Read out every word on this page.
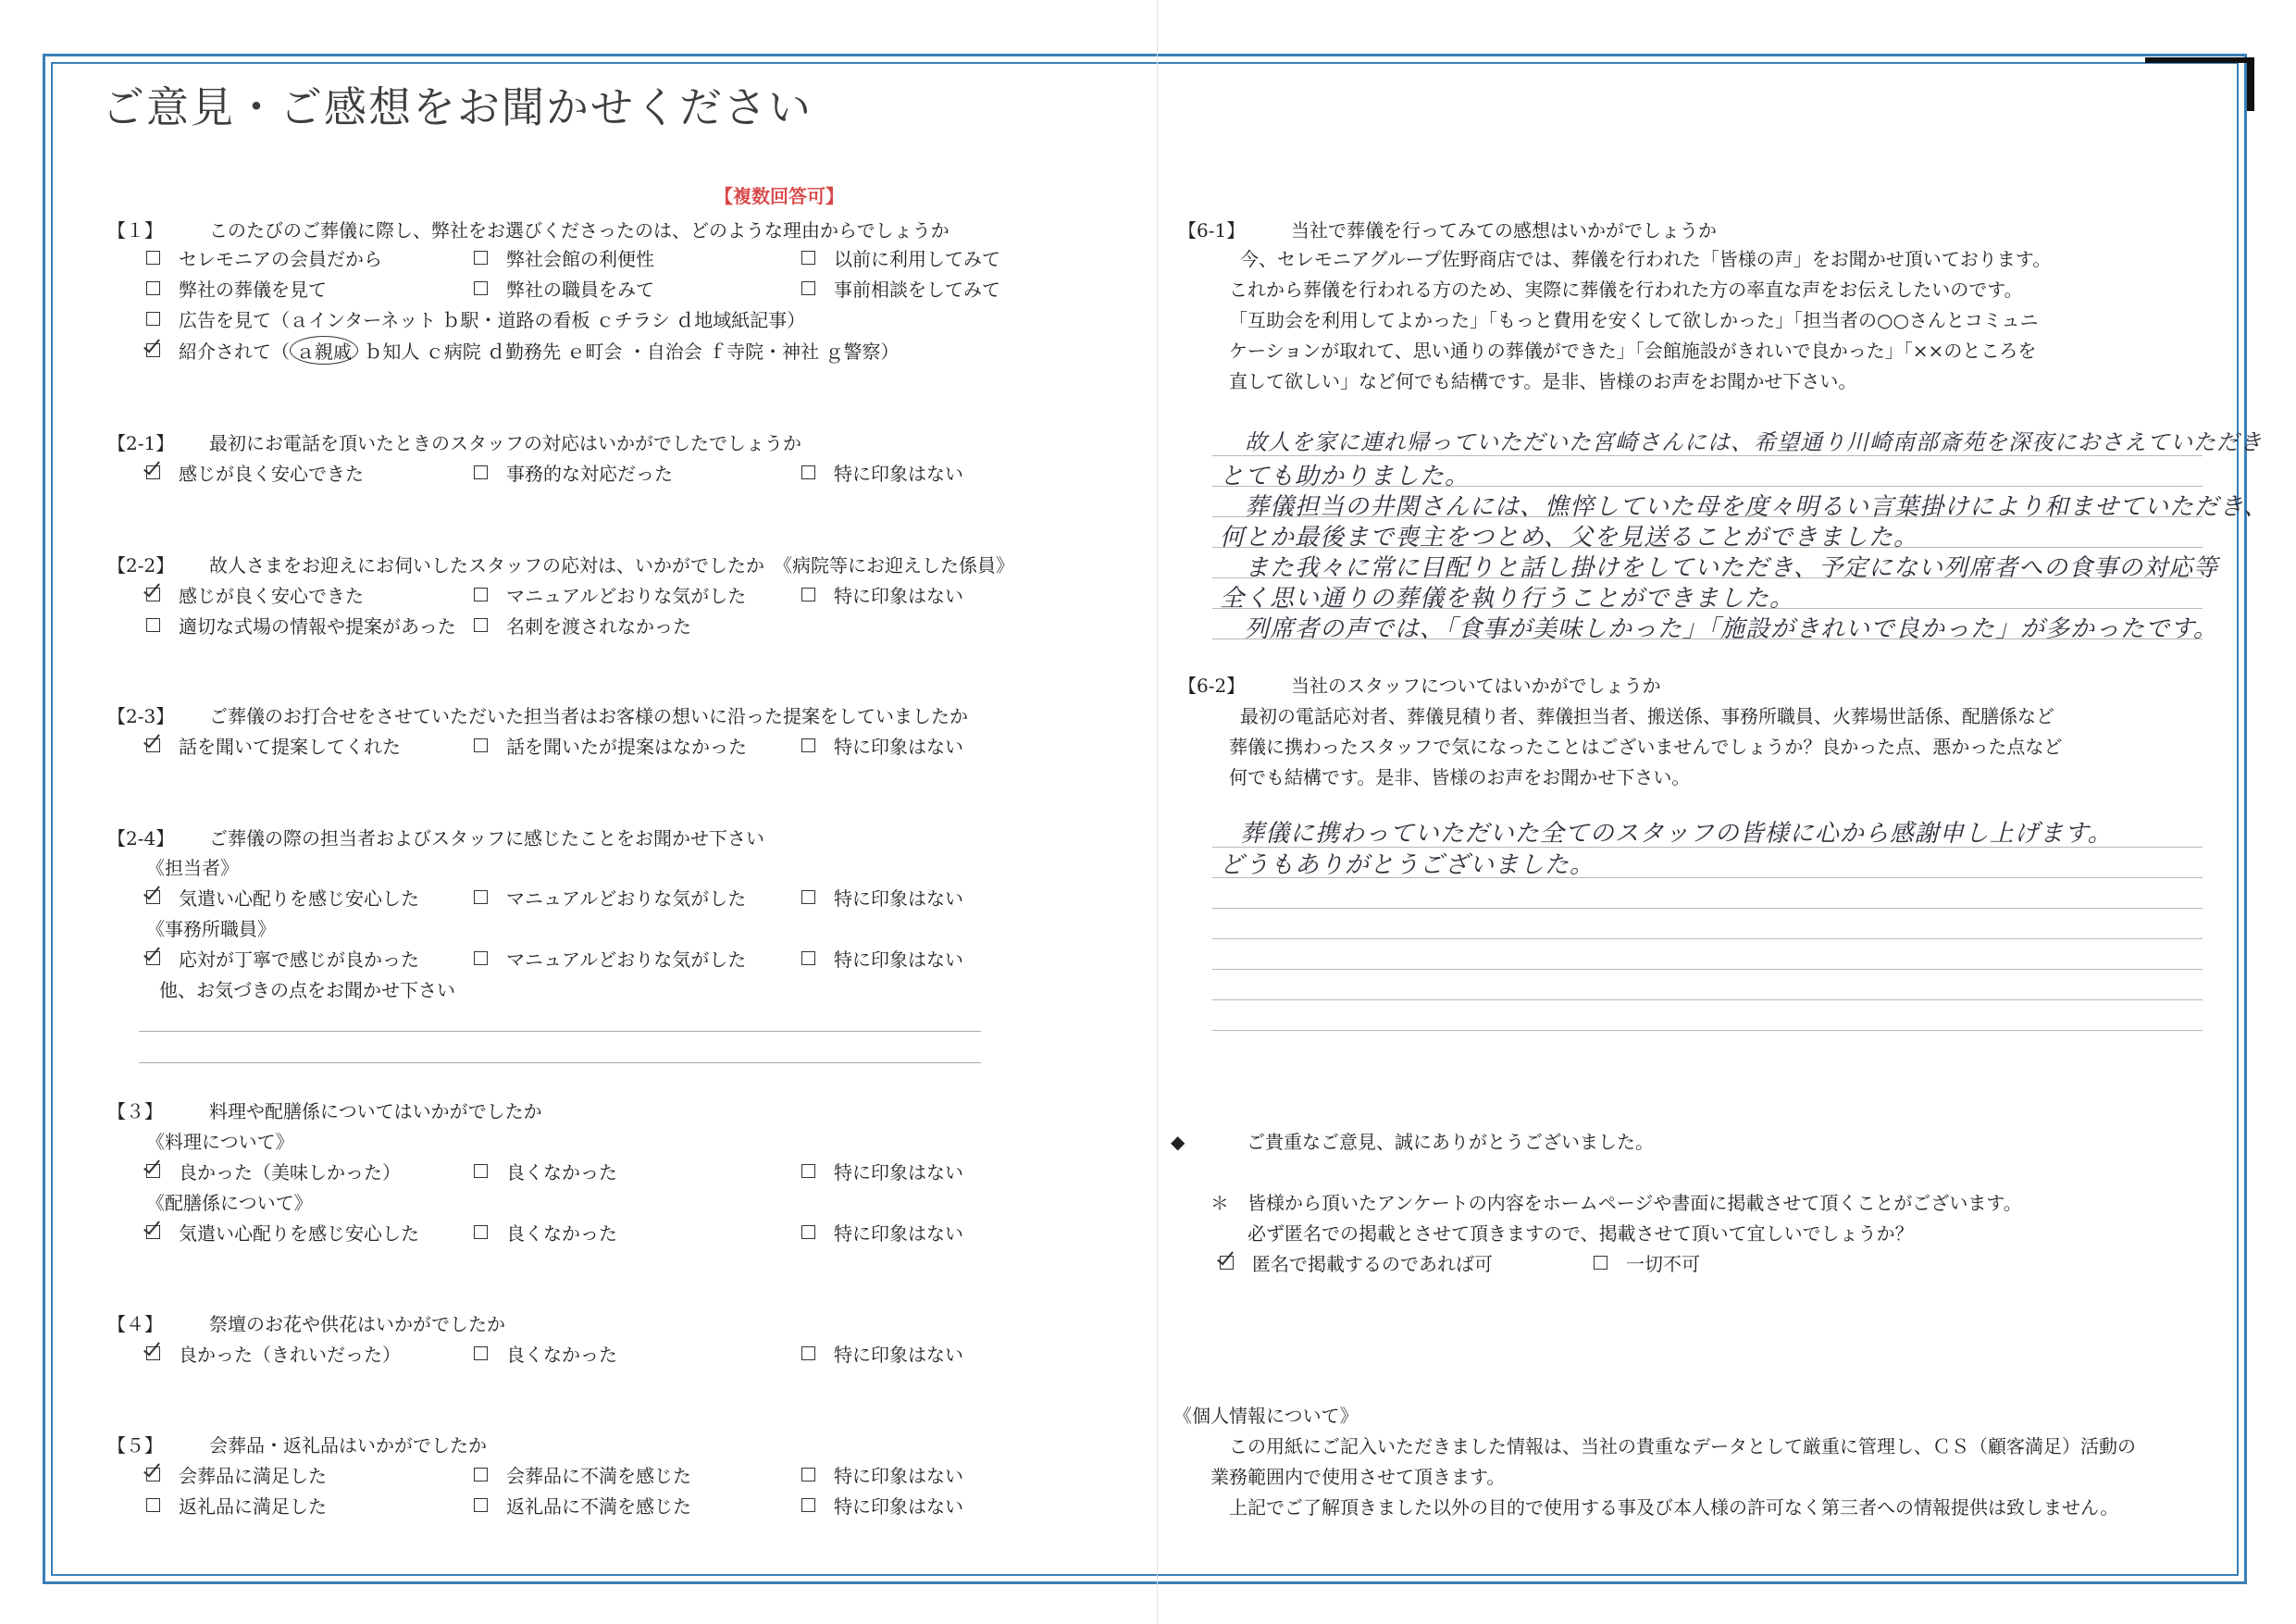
ご意見・ご感想をお聞かせください
【複数回答可】
【１】	このたびのご葬儀に際し、弊社をお選びくださったのは、どのような理由からでしょうか
セレモニアの会員だから	弊社会館の利便性	以前に利用してみて
弊社の葬儀を見て	弊社の職員をみて	事前相談をしてみて
広告を見て（ａインターネット ｂ駅・道路の看板 ｃチラシ ｄ地域紙記事）
紹介されて（ ａ親戚 ｂ知人 ｃ病院 ｄ勤務先 ｅ町会 ・自治会 ｆ寺院・神社 ｇ警察）
【2-1】 最初にお電話を頂いたときのスタッフの対応はいかがでしたでしょうか
感じが良く安心できた	事務的な対応だった	特に印象はない
【2-2】 故人さまをお迎えにお伺いしたスタッフの応対は、いかがでしたか　《病院等にお迎えした係員》
感じが良く安心できた	マニュアルどおりな気がした	特に印象はない
適切な式場の情報や提案があった	名刺を渡されなかった
【2-3】 ご葬儀のお打合せをさせていただいた担当者はお客様の想いに沿った提案をしていましたか
話を聞いて提案してくれた	話を聞いたが提案はなかった	特に印象はない
【2-4】 ご葬儀の際の担当者およびスタッフに感じたことをお聞かせ下さい
《担当者》
気遣い心配りを感じ安心した	マニュアルどおりな気がした	特に印象はない
《事務所職員》
応対が丁寧で感じが良かった	マニュアルどおりな気がした	特に印象はない
他、お気づきの点をお聞かせ下さい
【３】	料理や配膳係についてはいかがでしたか
《料理について》
良かった（美味しかった）	良くなかった	特に印象はない
《配膳係について》
気遣い心配りを感じ安心した	良くなかった	特に印象はない
【４】	祭壇のお花や供花はいかがでしたか
良かった（きれいだった）	良くなかった	特に印象はない
【５】	会葬品・返礼品はいかがでしたか
会葬品に満足した	会葬品に不満を感じた	特に印象はない
返礼品に満足した	返礼品に不満を感じた	特に印象はない
【6-1】 当社で葬儀を行ってみての感想はいかがでしょうか
今、セレモニアグループ佐野商店では、葬儀を行われた「皆様の声」をお聞かせ頂いております。
これから葬儀を行われる方のため、実際に葬儀を行われた方の率直な声をお伝えしたいのです。
「互助会を利用してよかった」「もっと費用を安くして欲しかった」「担当者の○○さんとコミュニ
ケーションが取れて、思い通りの葬儀ができた」「会館施設がきれいで良かった」「××のところを
直して欲しい」など何でも結構です。是非、皆様のお声をお聞かせ下さい。
故人を家に連れ帰っていただいた宮崎さんには、希望通り川崎南部斎苑を深夜におさえていただき
とても助かりました。
葬儀担当の井関さんには、憔悴していた母を度々明るい言葉掛けにより和ませていただき、
何とか最後まで喪主をつとめ、父を見送ることができました。
また我々に常に目配りと話し掛けをしていただき、予定にない列席者への食事の対応等
全く思い通りの葬儀を執り行うことができました。
列席者の声では、「食事が美味しかった」「施設がきれいで良かった」が多かったです。
【6-2】 当社のスタッフについてはいかがでしょうか
最初の電話応対者、葬儀見積り者、葬儀担当者、搬送係、事務所職員、火葬場世話係、配膳係など
葬儀に携わったスタッフで気になったことはございませんでしょうか？良かった点、悪かった点など
何でも結構です。是非、皆様のお声をお聞かせ下さい。
葬儀に携わっていただいた全てのスタッフの皆様に心から感謝申し上げます。
どうもありがとうございました。
◆	ご貴重なご意見、誠にありがとうございました。
＊ 皆様から頂いたアンケートの内容をホームページや書面に掲載させて頂くことがございます。
必ず匿名での掲載とさせて頂きますので、掲載させて頂いて宜しいでしょうか？
匿名で掲載するのであれば可	一切不可
《個人情報について》
この用紙にご記入いただきました情報は、当社の貴重なデータとして厳重に管理し、ＣＳ（顧客満足）活動の
業務範囲内で使用させて頂きます。
上記でご了解頂きました以外の目的で使用する事及び本人様の許可なく第三者への情報提供は致しません。
